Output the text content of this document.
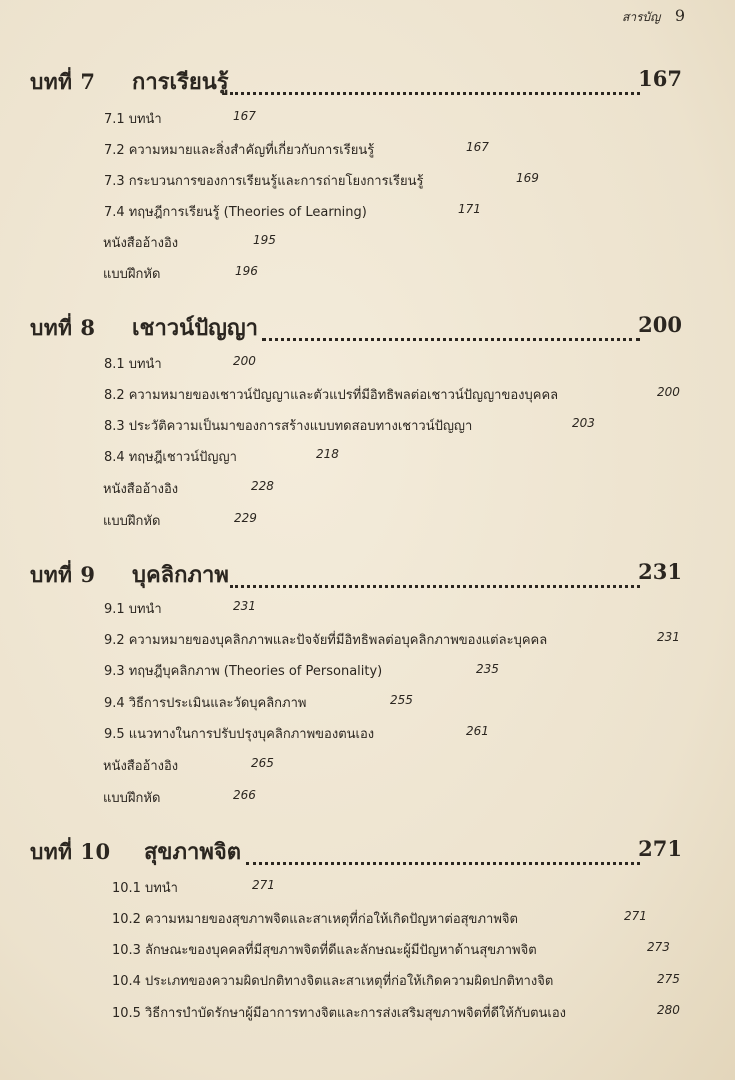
สารบัญ 9
บทที่ 7 การเรียนรู้	167
7.1 บทนำ	167
7.2 ความหมายและสิ่งสำคัญที่เกี่ยวกับการเรียนรู้	167
7.3 กระบวนการของการเรียนรู้และการถ่ายโยงการเรียนรู้	169
7.4 ทฤษฎีการเรียนรู้ (Theories of Learning)	171
หนังสืออ้างอิง	195
แบบฝึกหัด	196
บทที่ 8 เชาวน์ปัญญา	200
8.1 บทนำ	200
8.2 ความหมายของเชาวน์ปัญญาและตัวแปรที่มีอิทธิพลต่อเชาวน์ปัญญาของบุคคล	200
8.3 ประวัติความเป็นมาของการสร้างแบบทดสอบทางเชาวน์ปัญญา	203
8.4 ทฤษฎีเชาวน์ปัญญา	218
หนังสืออ้างอิง	228
แบบฝึกหัด	229
บทที่ 9 บุคลิกภาพ	231
9.1 บทนำ	231
9.2 ความหมายของบุคลิกภาพและปัจจัยที่มีอิทธิพลต่อบุคลิกภาพของแต่ละบุคคล	231
9.3 ทฤษฎีบุคลิกภาพ (Theories of Personality)	235
9.4 วิธีการประเมินและวัดบุคลิกภาพ	255
9.5 แนวทางในการปรับปรุงบุคลิกภาพของตนเอง	261
หนังสืออ้างอิง	265
แบบฝึกหัด	266
บทที่ 10 สุขภาพจิต	271
10.1 บทนำ	271
10.2 ความหมายของสุขภาพจิตและสาเหตุที่ก่อให้เกิดปัญหาต่อสุขภาพจิต	271
10.3 ลักษณะของบุคคลที่มีสุขภาพจิตที่ดีและลักษณะผู้มีปัญหาด้านสุขภาพจิต	273
10.4 ประเภทของความผิดปกติทางจิตและสาเหตุที่ก่อให้เกิดความผิดปกติทางจิต	275
10.5 วิธีการบำบัดรักษาผู้มีอาการทางจิตและการส่งเสริมสุขภาพจิตที่ดีให้กับตนเอง	280
